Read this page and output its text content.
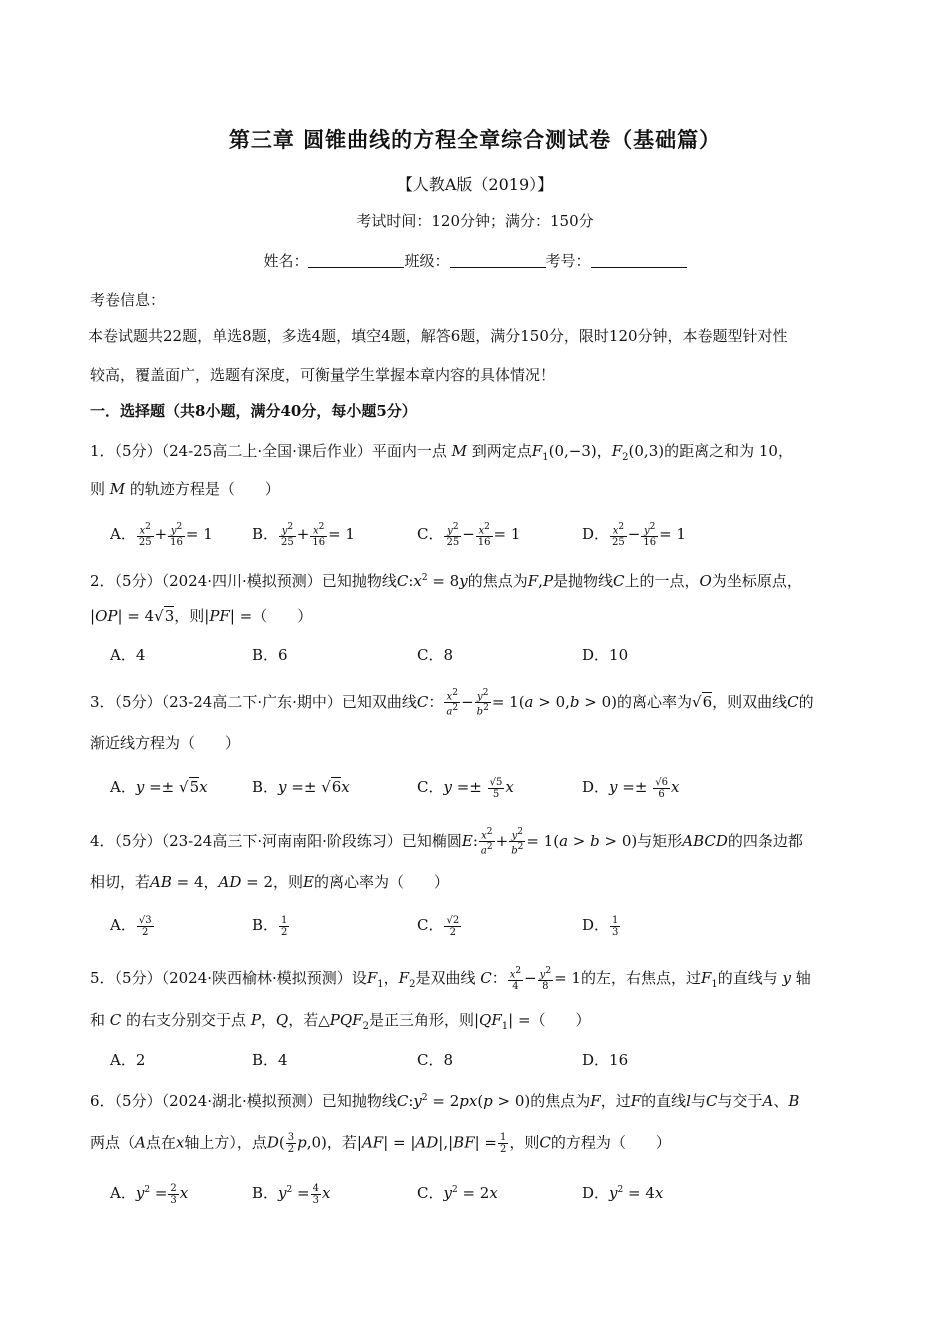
第三章 圆锥曲线的方程全章综合测试卷（基础篇）
【人教A版（2019）】
考试时间：120分钟；满分：150分
姓名：	班级：	考号：
考卷信息：
本卷试题共22题，单选8题，多选4题，填空4题，解答6题，满分150分，限时120分钟，本卷题型针对性
较高，覆盖面广，选题有深度，可衡量学生掌握本章内容的具体情况！
一．选择题（共8小题，满分40分，每小题5分）
1．（5分）（24-25高二上·全国·课后作业）平面内一点 M 到两定点$F_1(0,-3)$，$F_2(0,3)$的距离之和为 10，
则 M 的轨迹方程是（　　）
A． $\frac{x^2}{25} + \frac{y^2}{16} = 1$	B． $\frac{y^2}{25} + \frac{x^2}{16} = 1$	C． $\frac{y^2}{25} - \frac{x^2}{16} = 1$	D． $\frac{x^2}{25} - \frac{y^2}{16} = 1$
2．（5分）（2024·四川·模拟预测）已知抛物线$C:x^2 = 8y$的焦点为F,P是抛物线C上的一点，O为坐标原点，
|OP| = 4√3，则|PF| =（　　）
A．4	B．6	C．8	D．10
3．（5分）（23-24高二下·广东·期中）已知双曲线C： $\frac{x^2}{a^2} - \frac{y^2}{b^2} = 1(a > 0,b > 0)$的离心率为√6，则双曲线C的
渐近线方程为（　　）
A．y =± √5x	B．y =± √6x	C．$y =\pm \frac{√5}{5}$ x	D．$y =\pm \frac{√6}{6}$ x
4．（5分）（23-24高三下·河南南阳·阶段练习）已知椭圆E: $\frac{x^2}{a^2} + \frac{y^2}{b^2} = 1(a > b > 0)$与矩形ABCD的四条边都
相切，若AB = 4，AD = 2，则E的离心率为（　　）
A． $\frac{√3}{2}$	B． $\frac{1}{2}$	C． $\frac{√2}{2}$	D． $\frac{1}{3}$
5．（5分）（2024·陕西榆林·模拟预测）设$F_1$，$F_2$是双曲线 C： $\frac{x^2}{4} - \frac{y^2}{8} = 1$的左，右焦点，过$F_1$的直线与 y 轴
和 C 的右支分别交于点 P，Q，若$\triangle PQF_2$是正三角形，则$|QF_1|$ =（　　）
A．2	B．4	C．8	D．16
6．（5分）（2024·湖北·模拟预测）已知抛物线$C:y^2 = 2px(p > 0)$的焦点为F，过F的直线l与C与交于A、B
两点（A点在x轴上方），点$D( \frac{3}{2} p,0)$，若$|AF| = |AD|,|BF| = \frac{1}{2}$ ，则C的方程为（　　）
A．$y^2 = \frac{2}{3}$ x	B．$y^2 = \frac{4}{3}$ x	C．$y^2 = 2x$	D．$y^2 = 4x$
